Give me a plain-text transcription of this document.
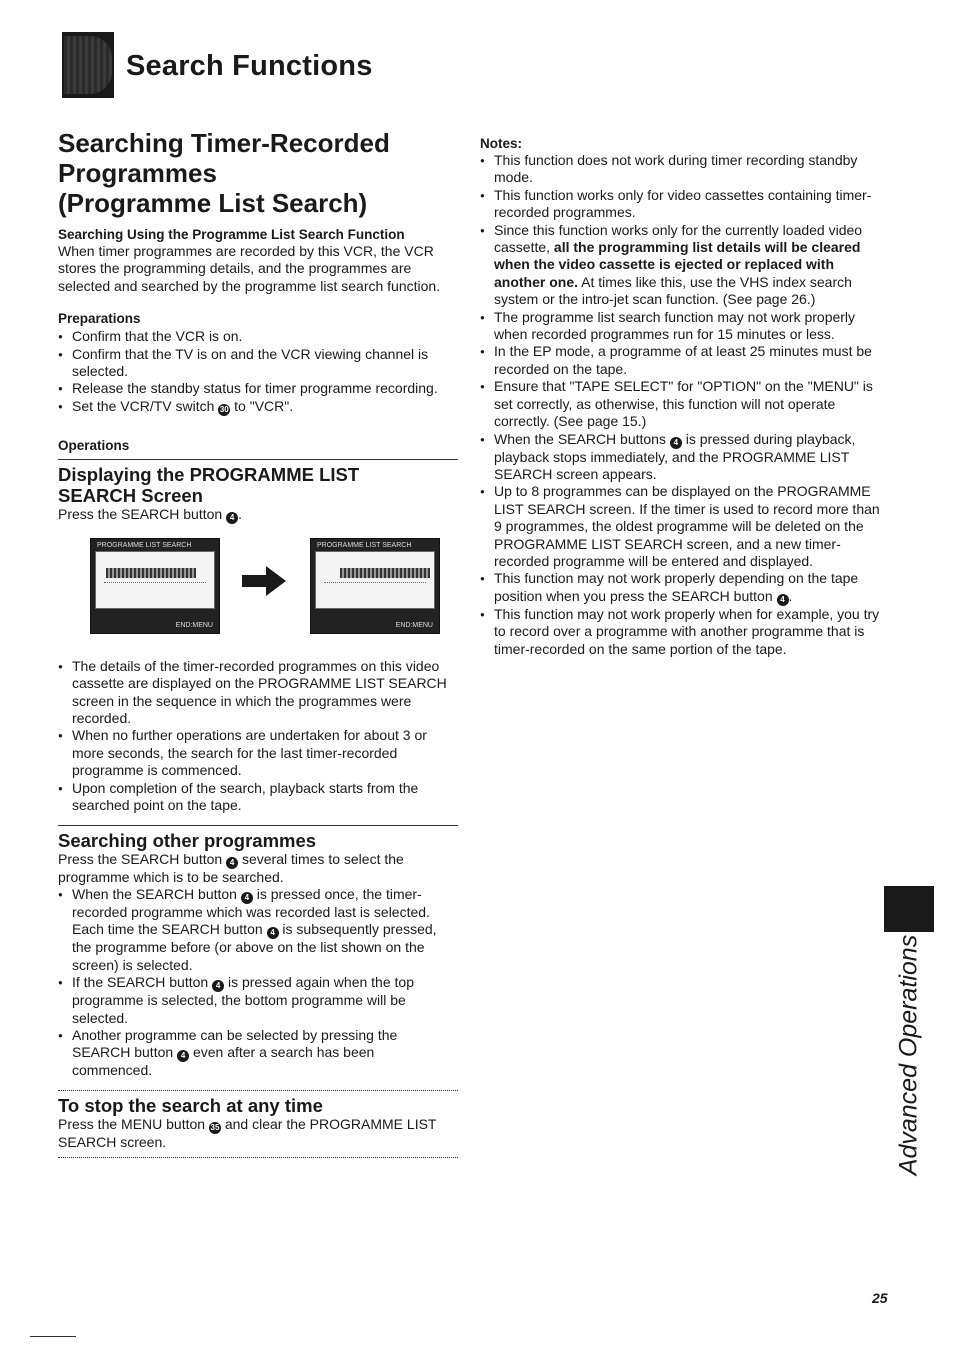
Search Functions
Searching Timer-Recorded
Programmes
(Programme List Search)
Searching Using the Programme List Search Function

When timer programmes are recorded by this VCR, the VCR stores the programming details, and the programmes are selected and searched by the programme list search function.

Preparations
● Confirm that the VCR is on.
● Confirm that the TV is on and the VCR viewing channel is selected.
● Release the standby status for timer programme recording.
● Set the VCR/TV switch 30 to "VCR".
Operations
Displaying the PROGRAMME LIST
SEARCH Screen

Press the SEARCH button 4 .

PROGRAMME LIST SEARCH
END:MENU
PROGRAMME LIST SEARCH
END:MENU
● The details of the timer-recorded programmes on this video cassette are displayed on the PROGRAMME LIST SEARCH screen in the sequence in which the programmes were recorded.
● When no further operations are undertaken for about 3 or more seconds, the search for the last timer-recorded programme is commenced.
● Upon completion of the search, playback starts from the searched point on the tape.
Searching other programmes

Press the SEARCH button 4 several times to select the programme which is to be searched.

● When the SEARCH button 4 is pressed once, the timer-recorded programme which was recorded last is selected. Each time the SEARCH button 4 is subsequently pressed, the programme before (or above on the list shown on the screen) is selected.
● If the SEARCH button 4 is pressed again when the top programme is selected, the bottom programme will be selected.
● Another programme can be selected by pressing the SEARCH button 4 even after a search has been commenced.
To stop the search at any time

Press the MENU button 35 and clear the PROGRAMME LIST SEARCH screen.

Notes:
● This function does not work during timer recording standby mode.
● This function works only for video cassettes containing timer-recorded programmes.
● Since this function works only for the currently loaded video cassette, all the programming list details will be cleared when the video cassette is ejected or replaced with another one. At times like this, use the VHS index search system or the intro-jet scan function. (See page 26.)
● The programme list search function may not work properly when recorded programmes run for 15 minutes or less.
● In the EP mode, a programme of at least 25 minutes must be recorded on the tape.
● Ensure that "TAPE SELECT" for "OPTION" on the "MENU" is set correctly, as otherwise, this function will not operate correctly. (See page 15.)
● When the SEARCH buttons 4 is pressed during playback, playback stops immediately, and the PROGRAMME LIST SEARCH screen appears.
● Up to 8 programmes can be displayed on the PROGRAMME LIST SEARCH screen. If the timer is used to record more than 9 programmes, the oldest programme will be deleted on the PROGRAMME LIST SEARCH screen, and a new timer-recorded programme will be entered and displayed.
● This function may not work properly depending on the tape position when you press the SEARCH button 4 .
● This function may not work properly when for example, you try to record over a programme with another programme that is timer-recorded on the same portion of the tape.
Advanced Operations
25
